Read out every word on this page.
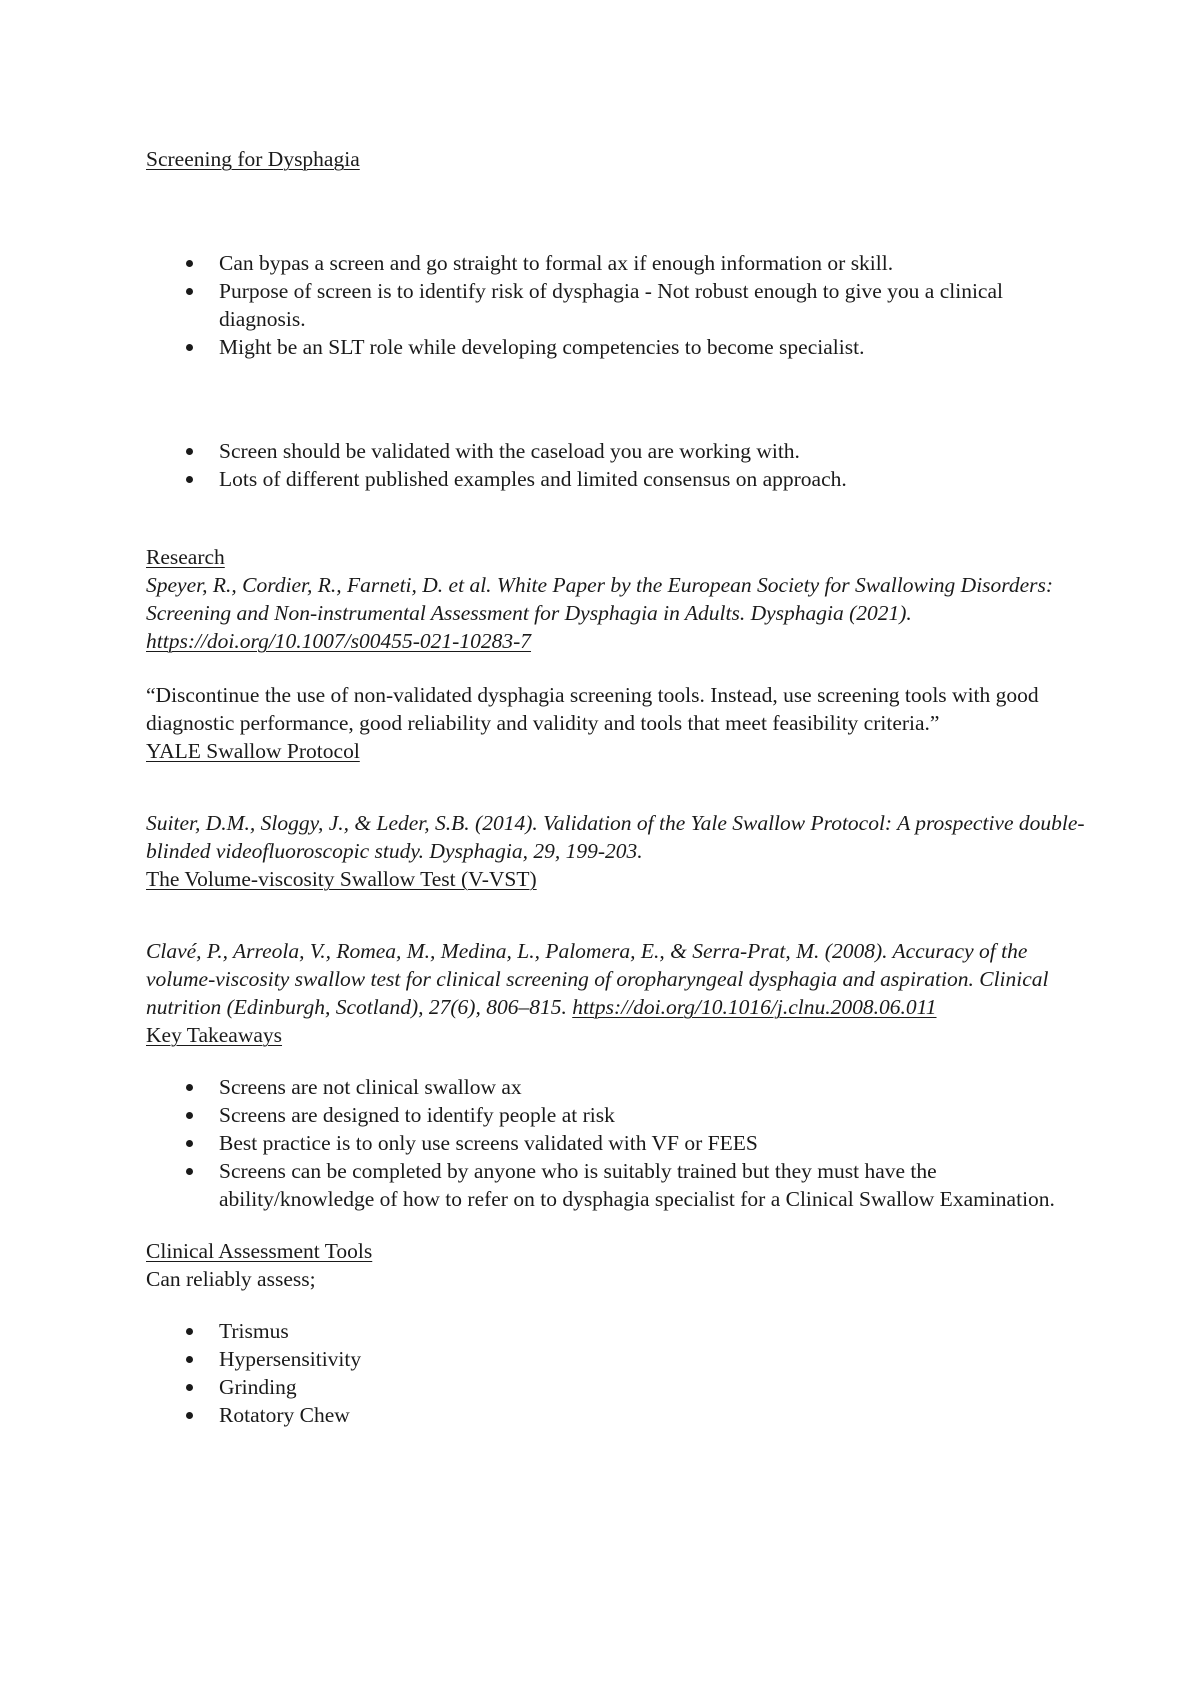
Screening for Dysphagia

Can bypas a screen and go straight to formal ax if enough information or skill.
Purpose of screen is to identify risk of dysphagia - Not robust enough to give you a clinical diagnosis.
Might be an SLT role while developing competencies to become specialist.
Screen should be validated with the caseload you are working with.
Lots of different published examples and limited consensus on approach.

Research

Speyer, R., Cordier, R., Farneti, D. et al. White Paper by the European Society for Swallowing Disorders: Screening and Non-instrumental Assessment for Dysphagia in Adults. Dysphagia (2021). https://doi.org/10.1007/s00455-021-10283-7

“Discontinue the use of non-validated dysphagia screening tools. Instead, use screening tools with good diagnostic performance, good reliability and validity and tools that meet feasibility criteria.”

YALE Swallow Protocol

Suiter, D.M., Sloggy, J., & Leder, S.B. (2014). Validation of the Yale Swallow Protocol: A prospective double-blinded videofluoroscopic study. Dysphagia, 29, 199-203.

The Volume-viscosity Swallow Test (V-VST)

Clavé, P., Arreola, V., Romea, M., Medina, L., Palomera, E., & Serra-Prat, M. (2008). Accuracy of the volume-viscosity swallow test for clinical screening of oropharyngeal dysphagia and aspiration. Clinical nutrition (Edinburgh, Scotland), 27(6), 806–815. https://doi.org/10.1016/j.clnu.2008.06.011

Key Takeaways

Screens are not clinical swallow ax
Screens are designed to identify people at risk
Best practice is to only use screens validated with VF or FEES
Screens can be completed by anyone who is suitably trained but they must have the ability/knowledge of how to refer on to dysphagia specialist for a Clinical Swallow Examination.

Clinical Assessment Tools

Can reliably assess;

Trismus
Hypersensitivity
Grinding
Rotatory Chew
